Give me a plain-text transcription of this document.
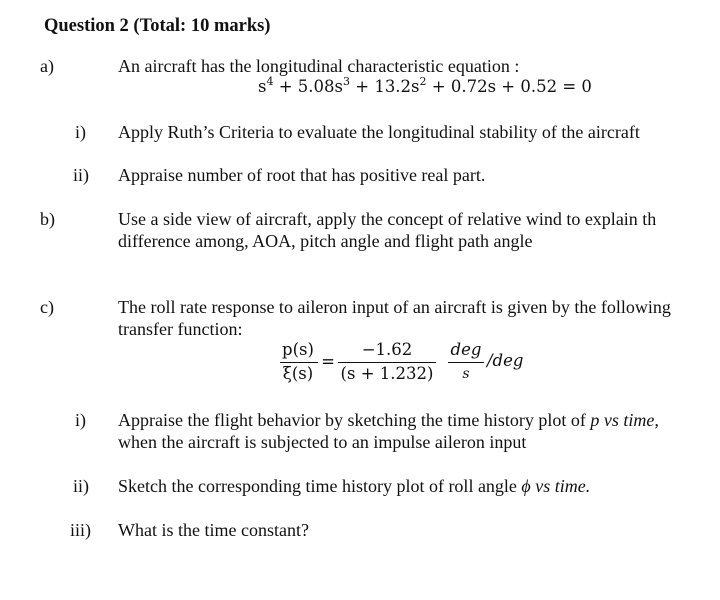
Question 2 (Total: 10 marks)
a)	An aircraft has the longitudinal characteristic equation :
$s^4 + 5.08s^3 + 13.2s^2 + 0.72s + 0.52 = 0$
i) Apply Ruth’s Criteria to evaluate the longitudinal stability of the aircraft
ii) Appraise number of root that has positive real part.
b)	Use a side view of aircraft, apply the concept of relative wind to explain th
difference among, AOA, pitch angle and flight path angle
c)	The roll rate response to aileron input of an aircraft is given by the following
transfer function:
p(s)
ξ(s)
=
−1.62
(s + 1.232)
deg
s
/deg
i) Appraise the flight behavior by sketching the time history plot of p vs time,
when the aircraft is subjected to an impulse aileron input
ii) Sketch the corresponding time history plot of roll angle ϕ vs time.
iii) What is the time constant?
